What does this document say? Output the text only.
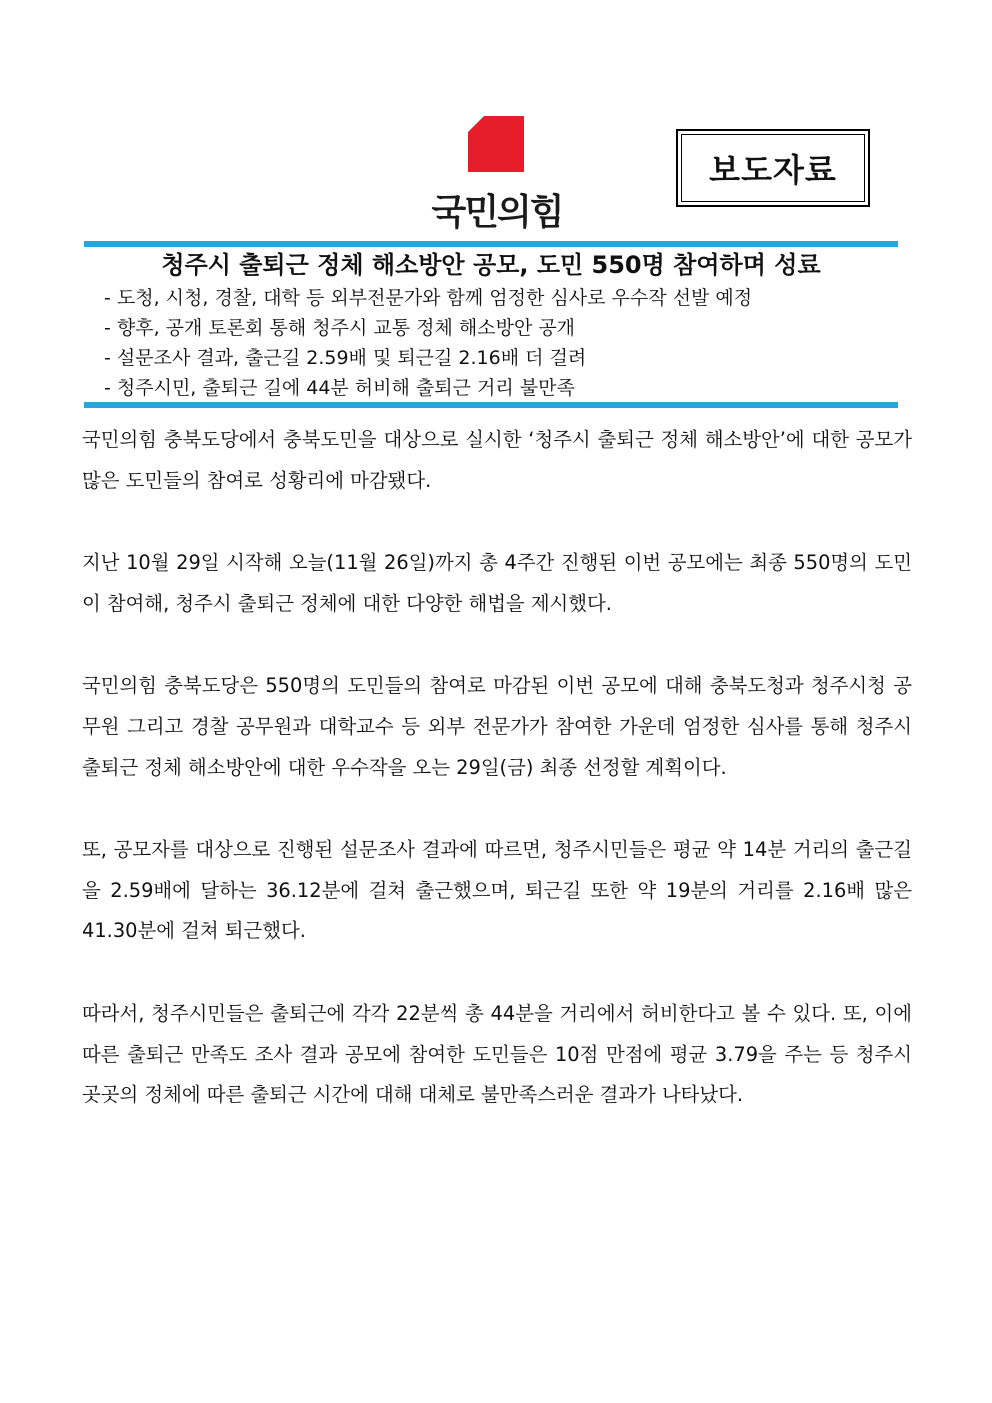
국민의힘
보도자료
청주시 출퇴근 정체 해소방안 공모, 도민 550명 참여하며 성료
- 도청, 시청, 경찰, 대학 등 외부전문가와 함께 엄정한 심사로 우수작 선발 예정
- 향후, 공개 토론회 통해 청주시 교통 정체 해소방안 공개
- 설문조사 결과, 출근길 2.59배 및 퇴근길 2.16배 더 걸려
- 청주시민, 출퇴근 길에 44분 허비해 출퇴근 거리 불만족

국민의힘 충북도당에서 충북도민을 대상으로 실시한 ‘청주시 출퇴근 정체 해소방안’에 대한 공모가 많은 도민들의 참여로 성황리에 마감됐다.

지난 10월 29일 시작해 오늘(11월 26일)까지 총 4주간 진행된 이번 공모에는 최종 550명의 도민이 참여해, 청주시 출퇴근 정체에 대한 다양한 해법을 제시했다.

국민의힘 충북도당은 550명의 도민들의 참여로 마감된 이번 공모에 대해 충북도청과 청주시청 공무원 그리고 경찰 공무원과 대학교수 등 외부 전문가가 참여한 가운데 엄정한 심사를 통해 청주시 출퇴근 정체 해소방안에 대한 우수작을 오는 29일(금) 최종 선정할 계획이다.

또, 공모자를 대상으로 진행된 설문조사 결과에 따르면, 청주시민들은 평균 약 14분 거리의 출근길을 2.59배에 달하는 36.12분에 걸쳐 출근했으며, 퇴근길 또한 약 19분의 거리를 2.16배 많은 41.30분에 걸쳐 퇴근했다.

따라서, 청주시민들은 출퇴근에 각각 22분씩 총 44분을 거리에서 허비한다고 볼 수 있다. 또, 이에 따른 출퇴근 만족도 조사 결과 공모에 참여한 도민들은 10점 만점에 평균 3.79을 주는 등 청주시 곳곳의 정체에 따른 출퇴근 시간에 대해 대체로 불만족스러운 결과가 나타났다.
